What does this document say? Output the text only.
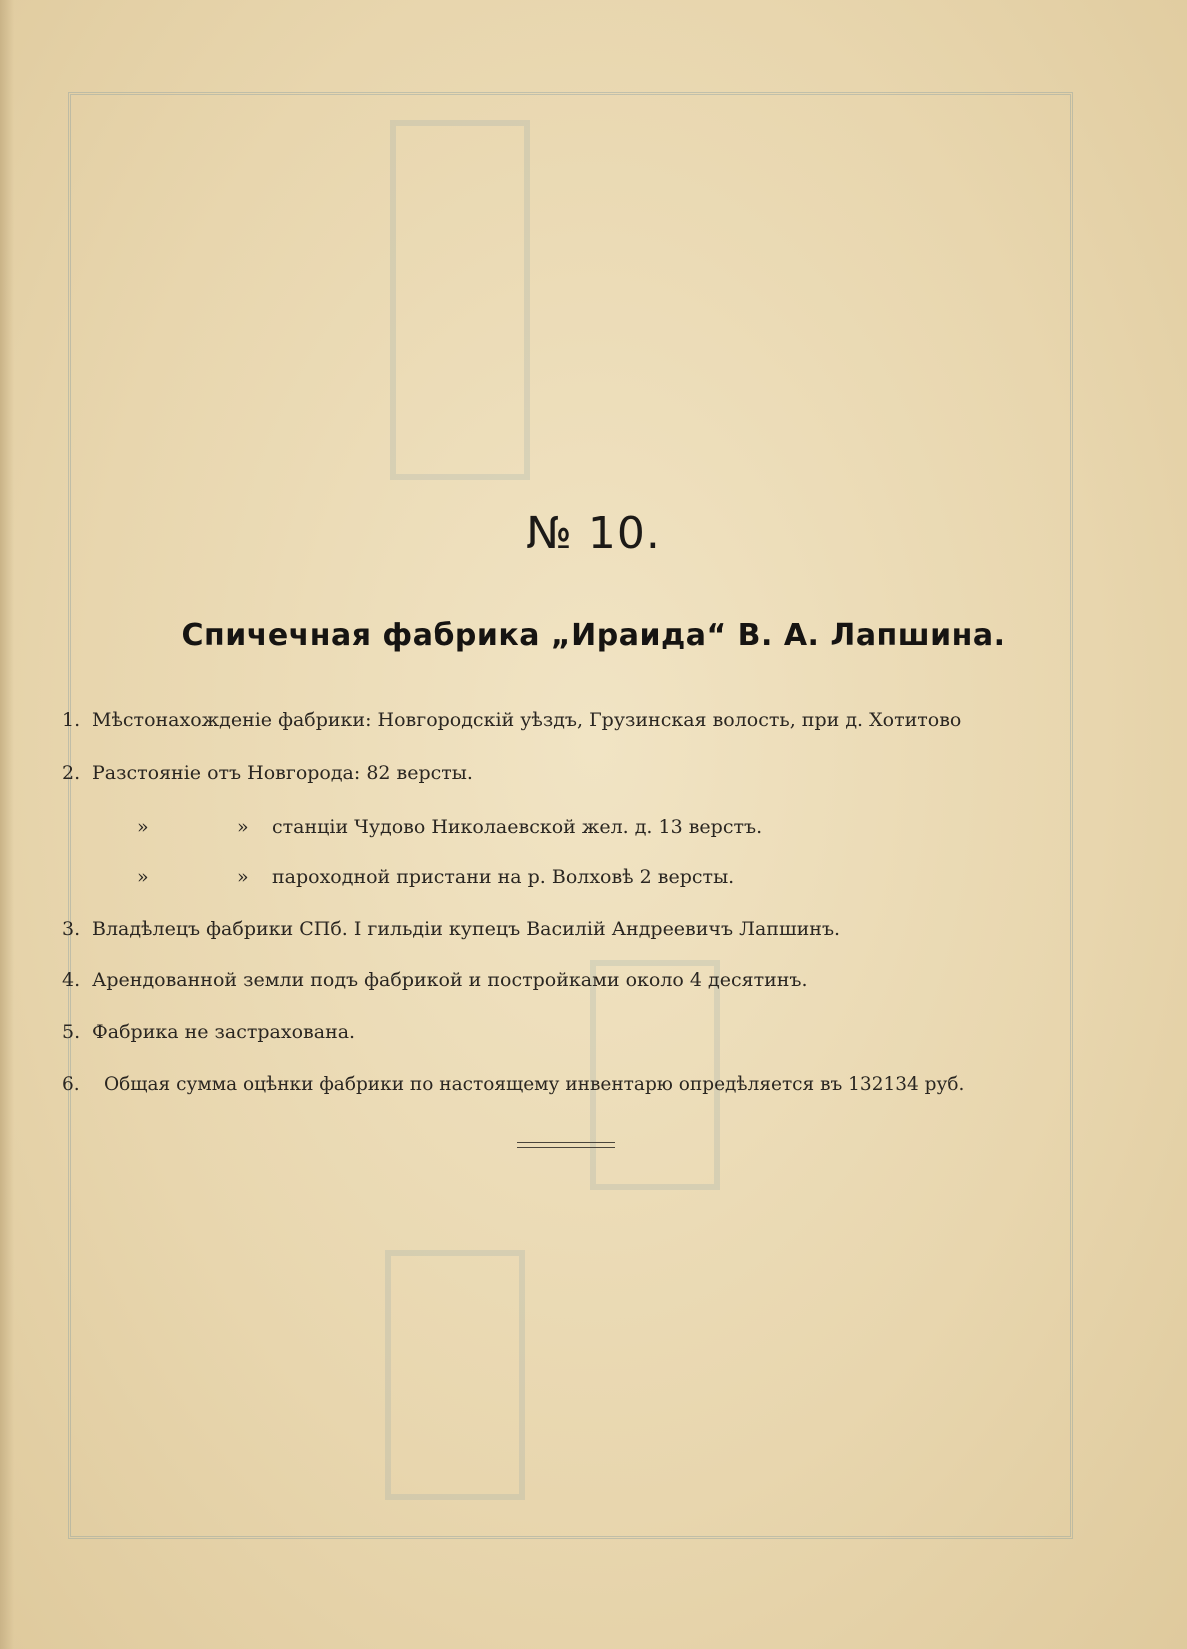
№ 10.
Спичечная фабрика „Ираида“ В. А. Лапшина.
1. Мѣстонахожденіе фабрики: Новгородскій уѣздъ, Грузинская волость, при д. Хотитово
2. Разстояніе отъ Новгорода: 82 версты.
»	» станціи Чудово Николаевской жел. д. 13 верстъ.
»	» пароходной пристани на р. Волховѣ 2 версты.
3. Владѣлецъ фабрики СПб. I гильдіи купецъ Василій Андреевичъ Лапшинъ.
4. Арендованной земли подъ фабрикой и постройками около 4 десятинъ.
5. Фабрика не застрахована.
6. Общая сумма оцѣнки фабрики по настоящему инвентарю опредѣляется въ 132134 руб.
